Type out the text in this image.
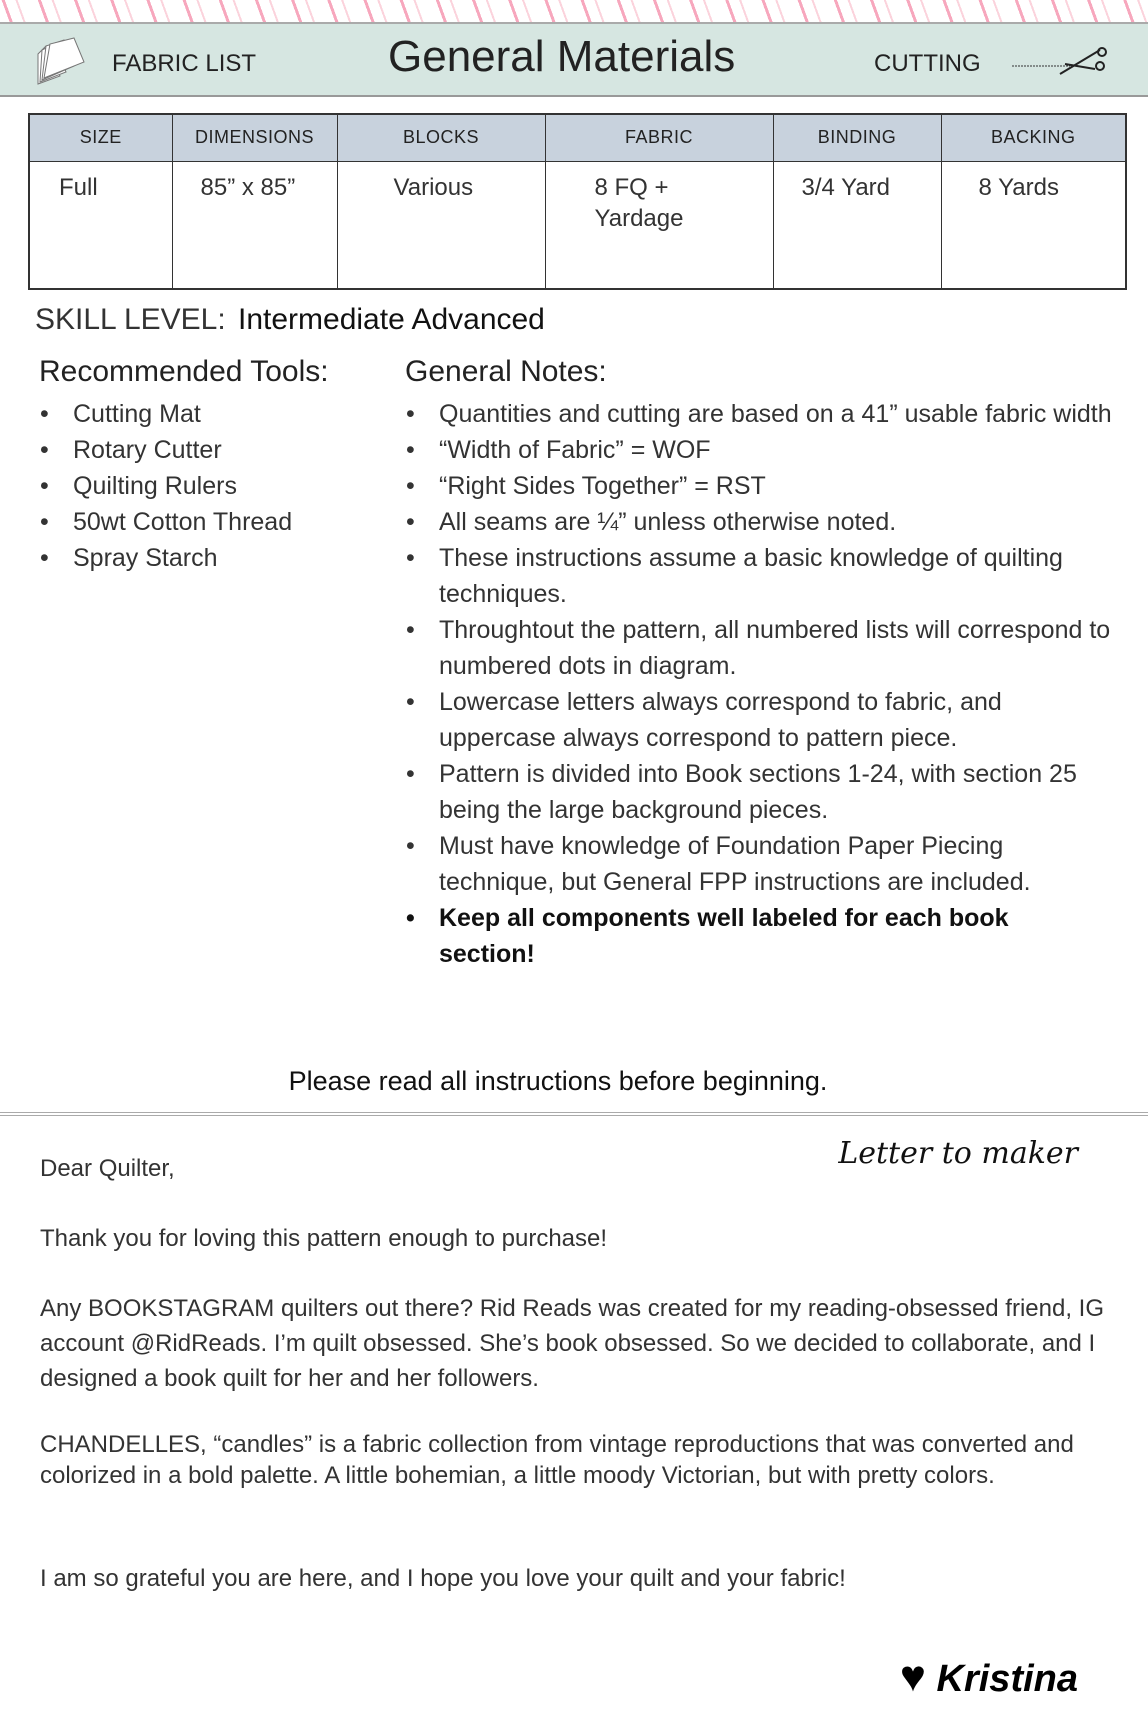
FABRIC LIST	General Materials	CUTTING
SIZE	DIMENSIONS	BLOCKS	FABRIC	BINDING	BACKING
Full	85” x 85”	Various	8 FQ + Yardage	3/4 Yard	8 Yards
SKILL LEVEL: Intermediate Advanced
Recommended Tools:
• Cutting Mat
• Rotary Cutter
• Quilting Rulers
• 50wt Cotton Thread
• Spray Starch
General Notes:
• Quantities and cutting are based on a 41” usable fabric width
• “Width of Fabric” = WOF
• “Right Sides Together” = RST
• All seams are ¼” unless otherwise noted.
• These instructions assume a basic knowledge of quilting techniques.
• Throughtout the pattern, all numbered lists will correspond to numbered dots in diagram.
• Lowercase letters always correspond to fabric, and uppercase always correspond to pattern piece.
• Pattern is divided into Book sections 1-24, with section 25 being the large background pieces.
• Must have knowledge of Foundation Paper Piecing technique, but General FPP instructions are included.
• Keep all components well labeled for each book section!
Please read all instructions before beginning.
Letter to maker

Dear Quilter,

Thank you for loving this pattern enough to purchase!

Any BOOKSTAGRAM quilters out there? Rid Reads was created for my reading-obsessed friend, IG account @RidReads. I’m quilt obsessed. She’s book obsessed. So we decided to collaborate, and I designed a book quilt for her and her followers.

CHANDELLES, “candles” is a fabric collection from vintage reproductions that was converted and colorized in a bold palette. A little bohemian, a little moody Victorian, but with pretty colors.

I am so grateful you are here, and I hope you love your quilt and your fabric!

♥ Kristina
